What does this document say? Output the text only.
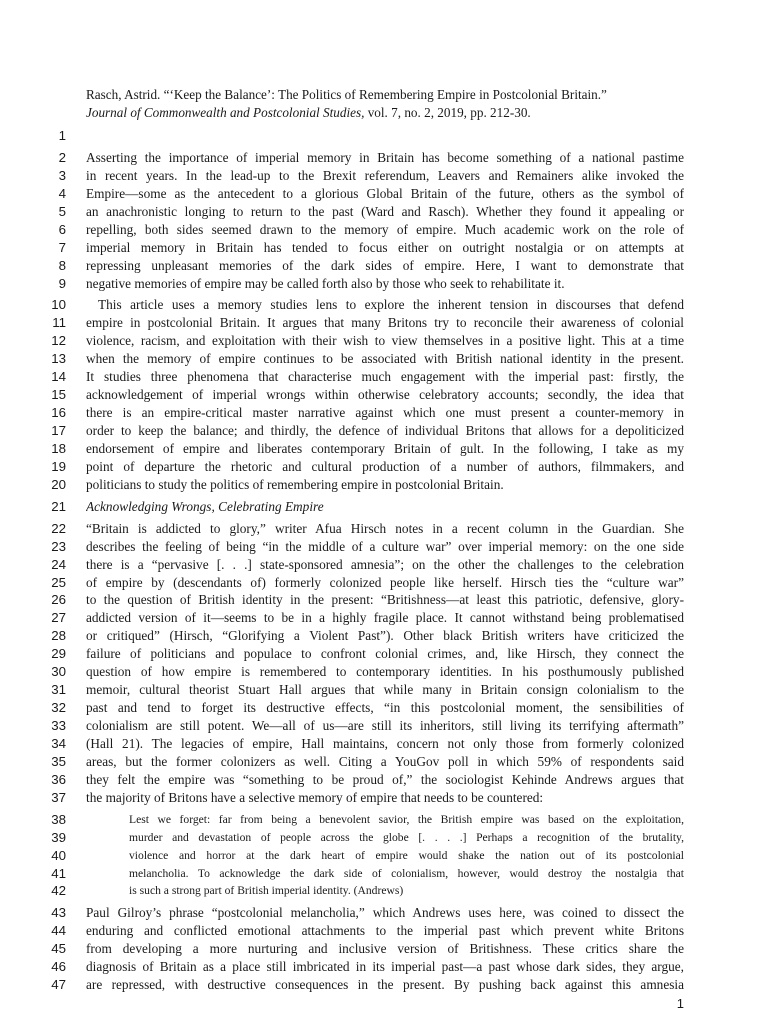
Rasch, Astrid. “‘Keep the Balance’: The Politics of Remembering Empire in Postcolonial Britain.”
Journal of Commonwealth and Postcolonial Studies, vol. 7, no. 2, 2019, pp. 212-30.
1
2 Asserting the importance of imperial memory in Britain has become something of a national pastime
3 in recent years. In the lead-up to the Brexit referendum, Leavers and Remainers alike invoked the
4 Empire—some as the antecedent to a glorious Global Britain of the future, others as the symbol of
5 an anachronistic longing to return to the past (Ward and Rasch). Whether they found it appealing or
6 repelling, both sides seemed drawn to the memory of empire. Much academic work on the role of
7 imperial memory in Britain has tended to focus either on outright nostalgia or on attempts at
8 repressing unpleasant memories of the dark sides of empire. Here, I want to demonstrate that
9 negative memories of empire may be called forth also by those who seek to rehabilitate it.
10	This article uses a memory studies lens to explore the inherent tension in discourses that defend
11 empire in postcolonial Britain. It argues that many Britons try to reconcile their awareness of colonial
12 violence, racism, and exploitation with their wish to view themselves in a positive light. This at a time
13 when the memory of empire continues to be associated with British national identity in the present.
14 It studies three phenomena that characterise much engagement with the imperial past: firstly, the
15 acknowledgement of imperial wrongs within otherwise celebratory accounts; secondly, the idea that
16 there is an empire-critical master narrative against which one must present a counter-memory in
17 order to keep the balance; and thirdly, the defence of individual Britons that allows for a depoliticized
18 endorsement of empire and liberates contemporary Britain of gult. In the following, I take as my
19 point of departure the rhetoric and cultural production of a number of authors, filmmakers, and
20 politicians to study the politics of remembering empire in postcolonial Britain.
21 Acknowledging Wrongs, Celebrating Empire
22 “Britain is addicted to glory,” writer Afua Hirsch notes in a recent column in the Guardian. She
23 describes the feeling of being “in the middle of a culture war” over imperial memory: on the one side
24 there is a “pervasive [. . .] state-sponsored amnesia”; on the other the challenges to the celebration
25 of empire by (descendants of) formerly colonized people like herself. Hirsch ties the “culture war”
26 to the question of British identity in the present: “Britishness—at least this patriotic, defensive, glory-
27 addicted version of it—seems to be in a highly fragile place. It cannot withstand being problematised
28 or critiqued” (Hirsch, “Glorifying a Violent Past”). Other black British writers have criticized the
29 failure of politicians and populace to confront colonial crimes, and, like Hirsch, they connect the
30 question of how empire is remembered to contemporary identities. In his posthumously published
31 memoir, cultural theorist Stuart Hall argues that while many in Britain consign colonialism to the
32 past and tend to forget its destructive effects, “in this postcolonial moment, the sensibilities of
33 colonialism are still potent. We—all of us—are still its inheritors, still living its terrifying aftermath”
34 (Hall 21). The legacies of empire, Hall maintains, concern not only those from formerly colonized
35 areas, but the former colonizers as well. Citing a YouGov poll in which 59% of respondents said
36 they felt the empire was “something to be proud of,” the sociologist Kehinde Andrews argues that
37 the majority of Britons have a selective memory of empire that needs to be countered:
38	Lest we forget: far from being a benevolent savior, the British empire was based on the exploitation,
39	murder and devastation of people across the globe [. . . .] Perhaps a recognition of the brutality,
40	violence and horror at the dark heart of empire would shake the nation out of its postcolonial
41	melancholia. To acknowledge the dark side of colonialism, however, would destroy the nostalgia that
42	is such a strong part of British imperial identity. (Andrews)
43 Paul Gilroy’s phrase “postcolonial melancholia,” which Andrews uses here, was coined to dissect the
44 enduring and conflicted emotional attachments to the imperial past which prevent white Britons
45 from developing a more nurturing and inclusive version of Britishness. These critics share the
46 diagnosis of Britain as a place still imbricated in its imperial past—a past whose dark sides, they argue,
47 are repressed, with destructive consequences in the present. By pushing back against this amnesia
1
